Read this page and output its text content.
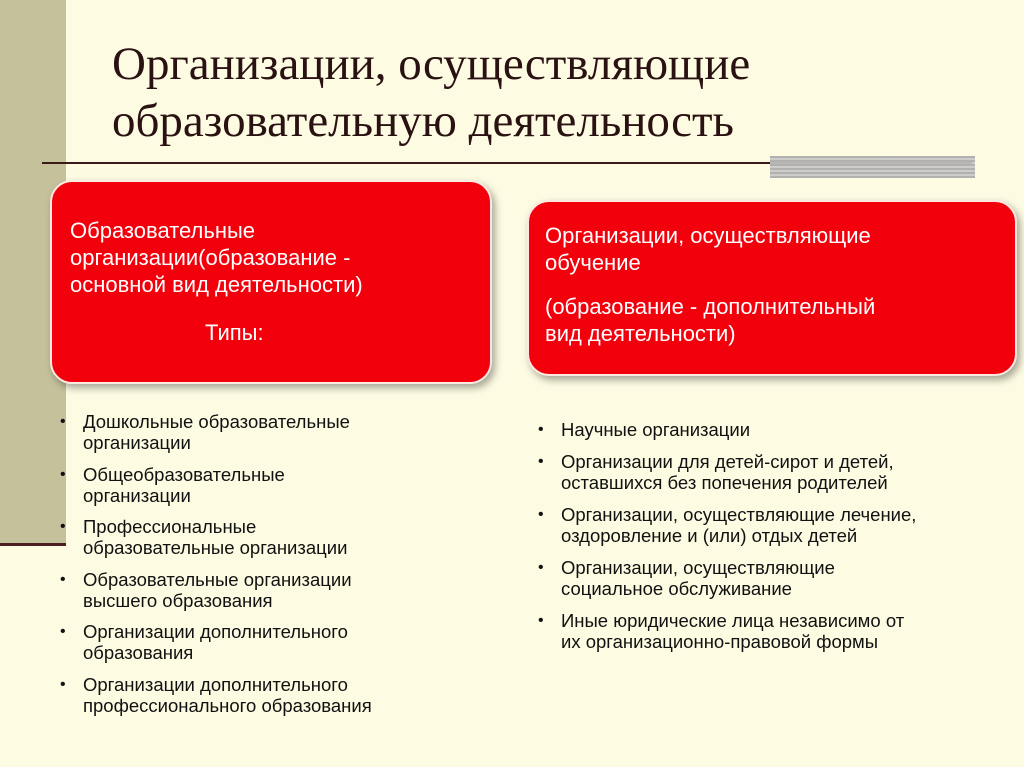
Организации, осуществляющие
образовательную деятельность
Образовательные
организации(образование -
основной вид деятельности)
Типы:
Организации, осуществляющие
обучение
(образование - дополнительный
вид деятельности)
• Дошкольные образовательные
организации
• Общеобразовательные
организации
• Профессиональные
образовательные организации
• Образовательные организации
высшего образования
• Организации дополнительного
образования
• Организации дополнительного
профессионального образования
• Научные организации
• Организации для детей-сирот и детей,
оставшихся без попечения родителей
• Организации, осуществляющие лечение,
оздоровление и (или) отдых детей
• Организации, осуществляющие
социальное обслуживание
• Иные юридические лица независимо от
их организационно-правовой формы
